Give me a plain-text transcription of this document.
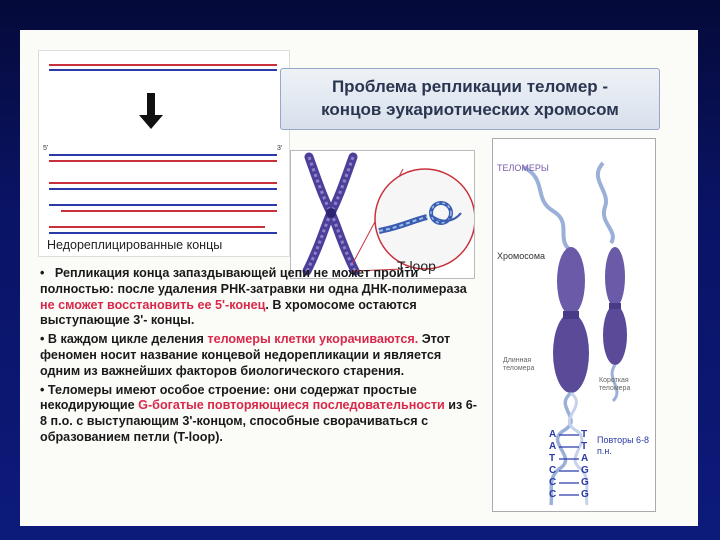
5'	3'
Недореплицированные концы
Проблема репликации теломер -
концов эукариотических хромосом
T-loop

• Репликация конца запаздывающей цепи не может пройти полностью: после удаления РНК-затравки ни одна ДНК-полимераза не сможет восстановить ее 5'-конец. В хромосоме остаются выступающие 3'- концы.

• В каждом цикле деления теломеры клетки укорачиваются. Этот феномен носит название концевой недорепликации и является одним из важнейших факторов биологического старения.

• Теломеры имеют особое строение: они содержат простые некодирующие G-богатые повторяющиеся последовательности из 6-8 п.о. с выступающим 3'-концом, способные сворачиваться с образованием петли (T-loop).

ТЕЛОМЕРЫ
Хромосома
Длинная теломера
Короткая теломера
Повторы 6-8 п.н.
A T
A T
T	A
C G
C G
C G
